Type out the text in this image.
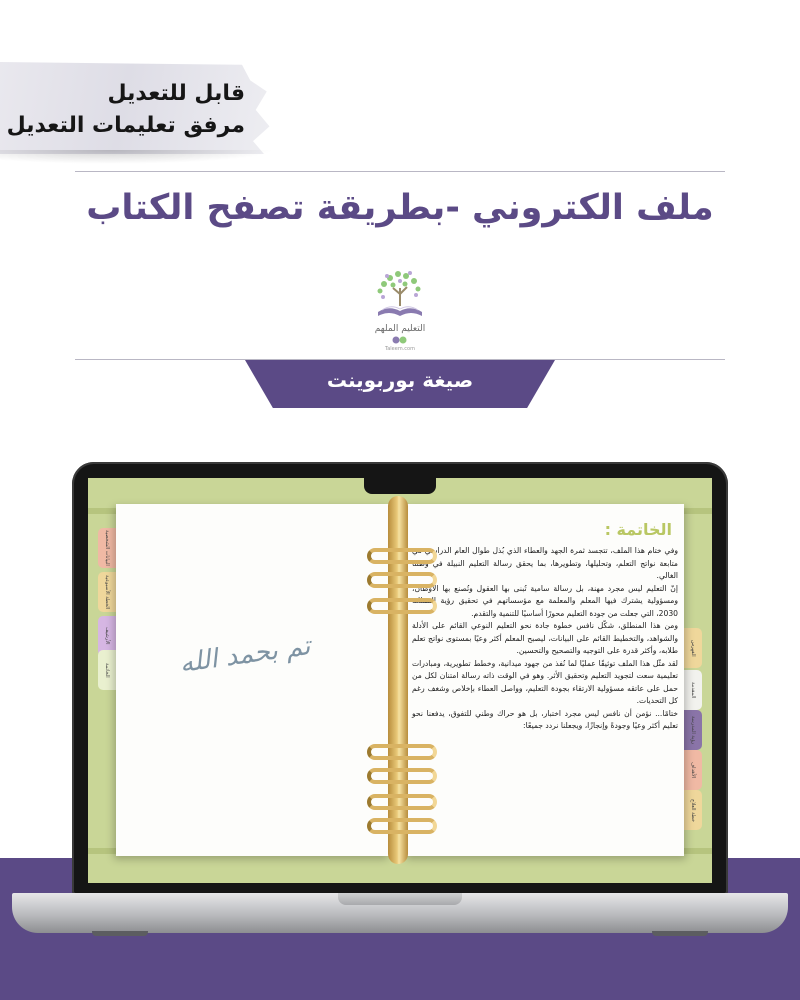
قابل للتعديل
مرفق تعليمات التعديل
ملف الكتروني -بطريقة تصفح الكتاب
التعليم الملهم
Taleem.com
صيغة بوربوينت
البيانات الشخصية
الخطة الأسبوعية
الأرشيف
الخاتمة
الفهرس
المقدمة
رؤية المدرسة
الأهداف
خطة العلاج
تم بحمد الله
الخاتمة :

وفي ختام هذا الملف، تتجسد ثمرة الجهد والعطاء الذي بُذل طوال العام الدراسي في متابعة نواتج التعلم، وتحليلها، وتطويرها، بما يحقق رسالة التعليم النبيلة في وطننا الغالي.

إنّ التعليم ليس مجرد مهنة، بل رسالة سامية تُبنى بها العقول وتُصنع بها الأوطان، ومسؤولية يشترك فيها المعلم والمعلمة مع مؤسساتهم في تحقيق رؤية المملكة 2030، التي جعلت من جودة التعليم محورًا أساسيًا للتنمية والتقدم.

ومن هذا المنطلق، شكّل نافس خطوة جادة نحو التعليم النوعي القائم على الأدلة والشواهد، والتخطيط القائم على البيانات، ليصبح المعلم أكثر وعيًا بمستوى نواتج تعلم طلابه، وأكثر قدرة على التوجيه والتصحيح والتحسين.

لقد مثّل هذا الملف توثيقًا عمليًا لما نُفذ من جهود ميدانية، وخطط تطويرية، ومبادرات تعليمية سعت لتجويد التعليم وتحقيق الأثر. وهو في الوقت ذاته رسالة امتنان لكل من حمل على عاتقه مسؤولية الارتقاء بجودة التعليم، وواصل العطاء بإخلاص وشغف رغم كل التحديات.

ختامًا... نؤمن أن نافس ليس مجرد اختبار، بل هو حراك وطني للتفوق، يدفعنا نحو تعليم أكثر وعيًا وجودةً وإنجازًا، ويجعلنا نردد جميعًا:
